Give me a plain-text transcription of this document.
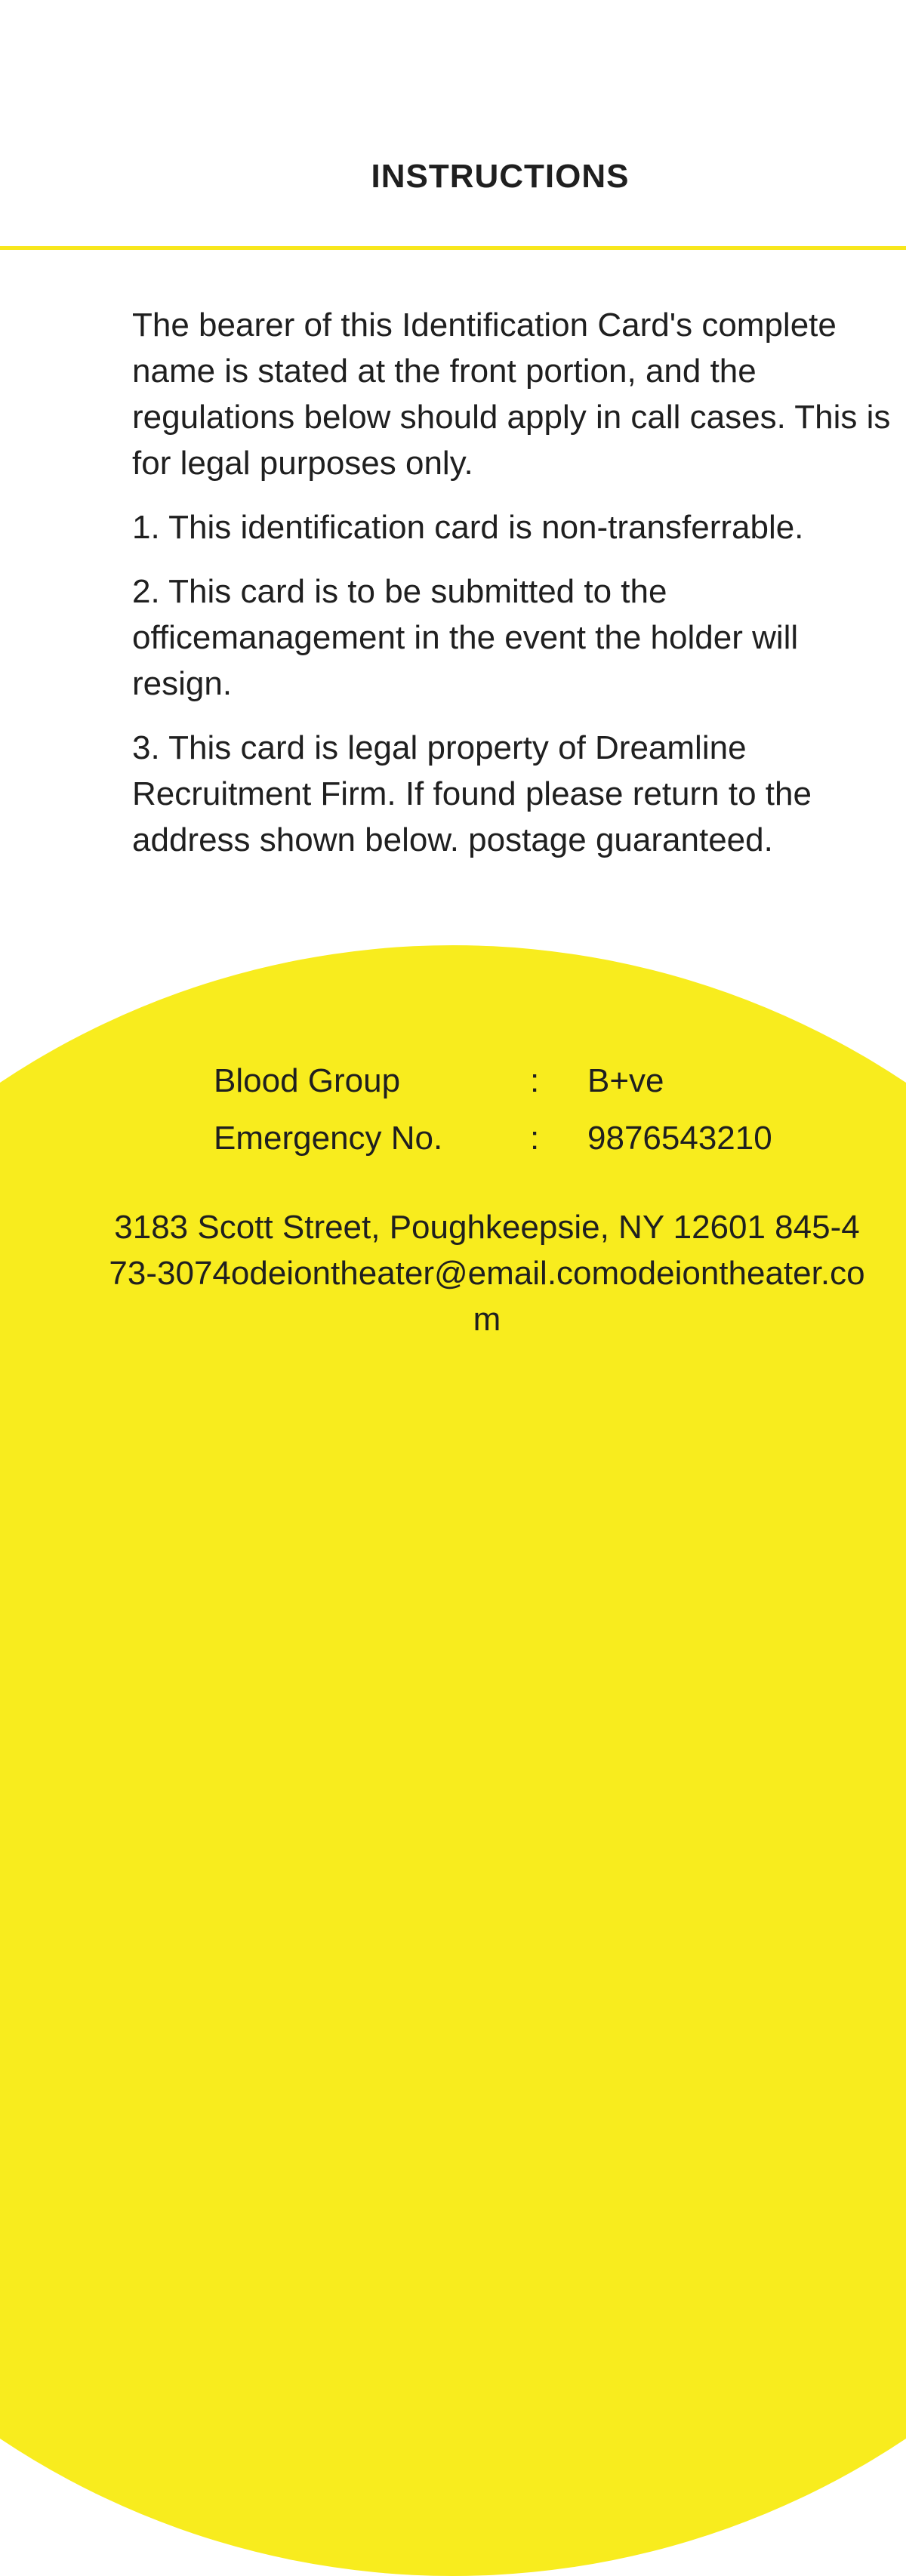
INSTRUCTIONS

The bearer of this Identification Card's complete name is stated at the front portion, and the regulations below should apply in call cases. This is for legal purposes only.

1. This identification card is non-transferrable.

2. This card is to be submitted to the officemanagement in the event the holder will resign.

3. This card is legal property of Dreamline Recruitment Firm. If found please return to the address shown below. postage guaranteed.

Blood Group	: B+ve
Emergency No.	: 9876543210
3183 Scott Street, Poughkeepsie, NY 12601 845-473-3074odeiontheater@email.comodeiontheater.com
